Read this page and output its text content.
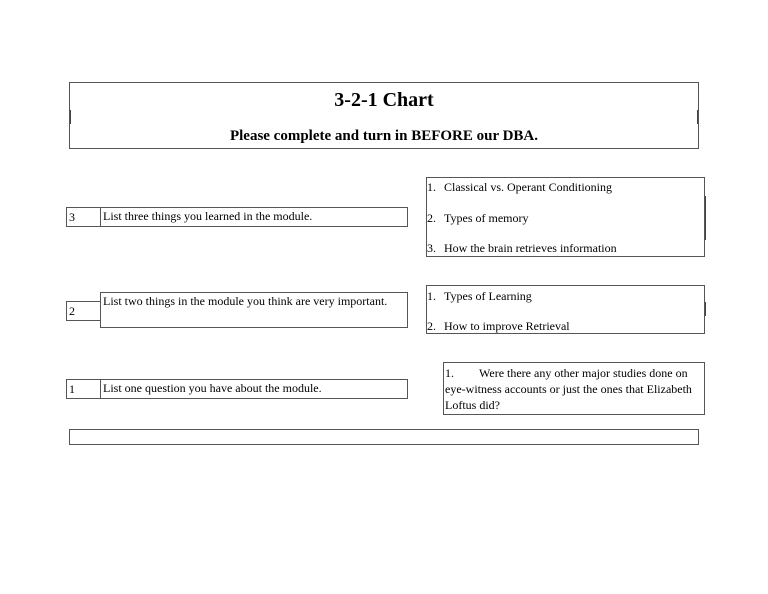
3-2-1 Chart
Please complete and turn in BEFORE our DBA.
3 List three things you learned in the module.
1. Classical vs. Operant Conditioning
2. Types of memory
3. How the brain retrieves information
2
List two things in the module you think are very important.	1. Types of Learning
2. How to improve Retrieval
1 List one question you have about the module.
1. Were there any other major studies done on eye-witness accounts or just the ones that Elizabeth Loftus did?
